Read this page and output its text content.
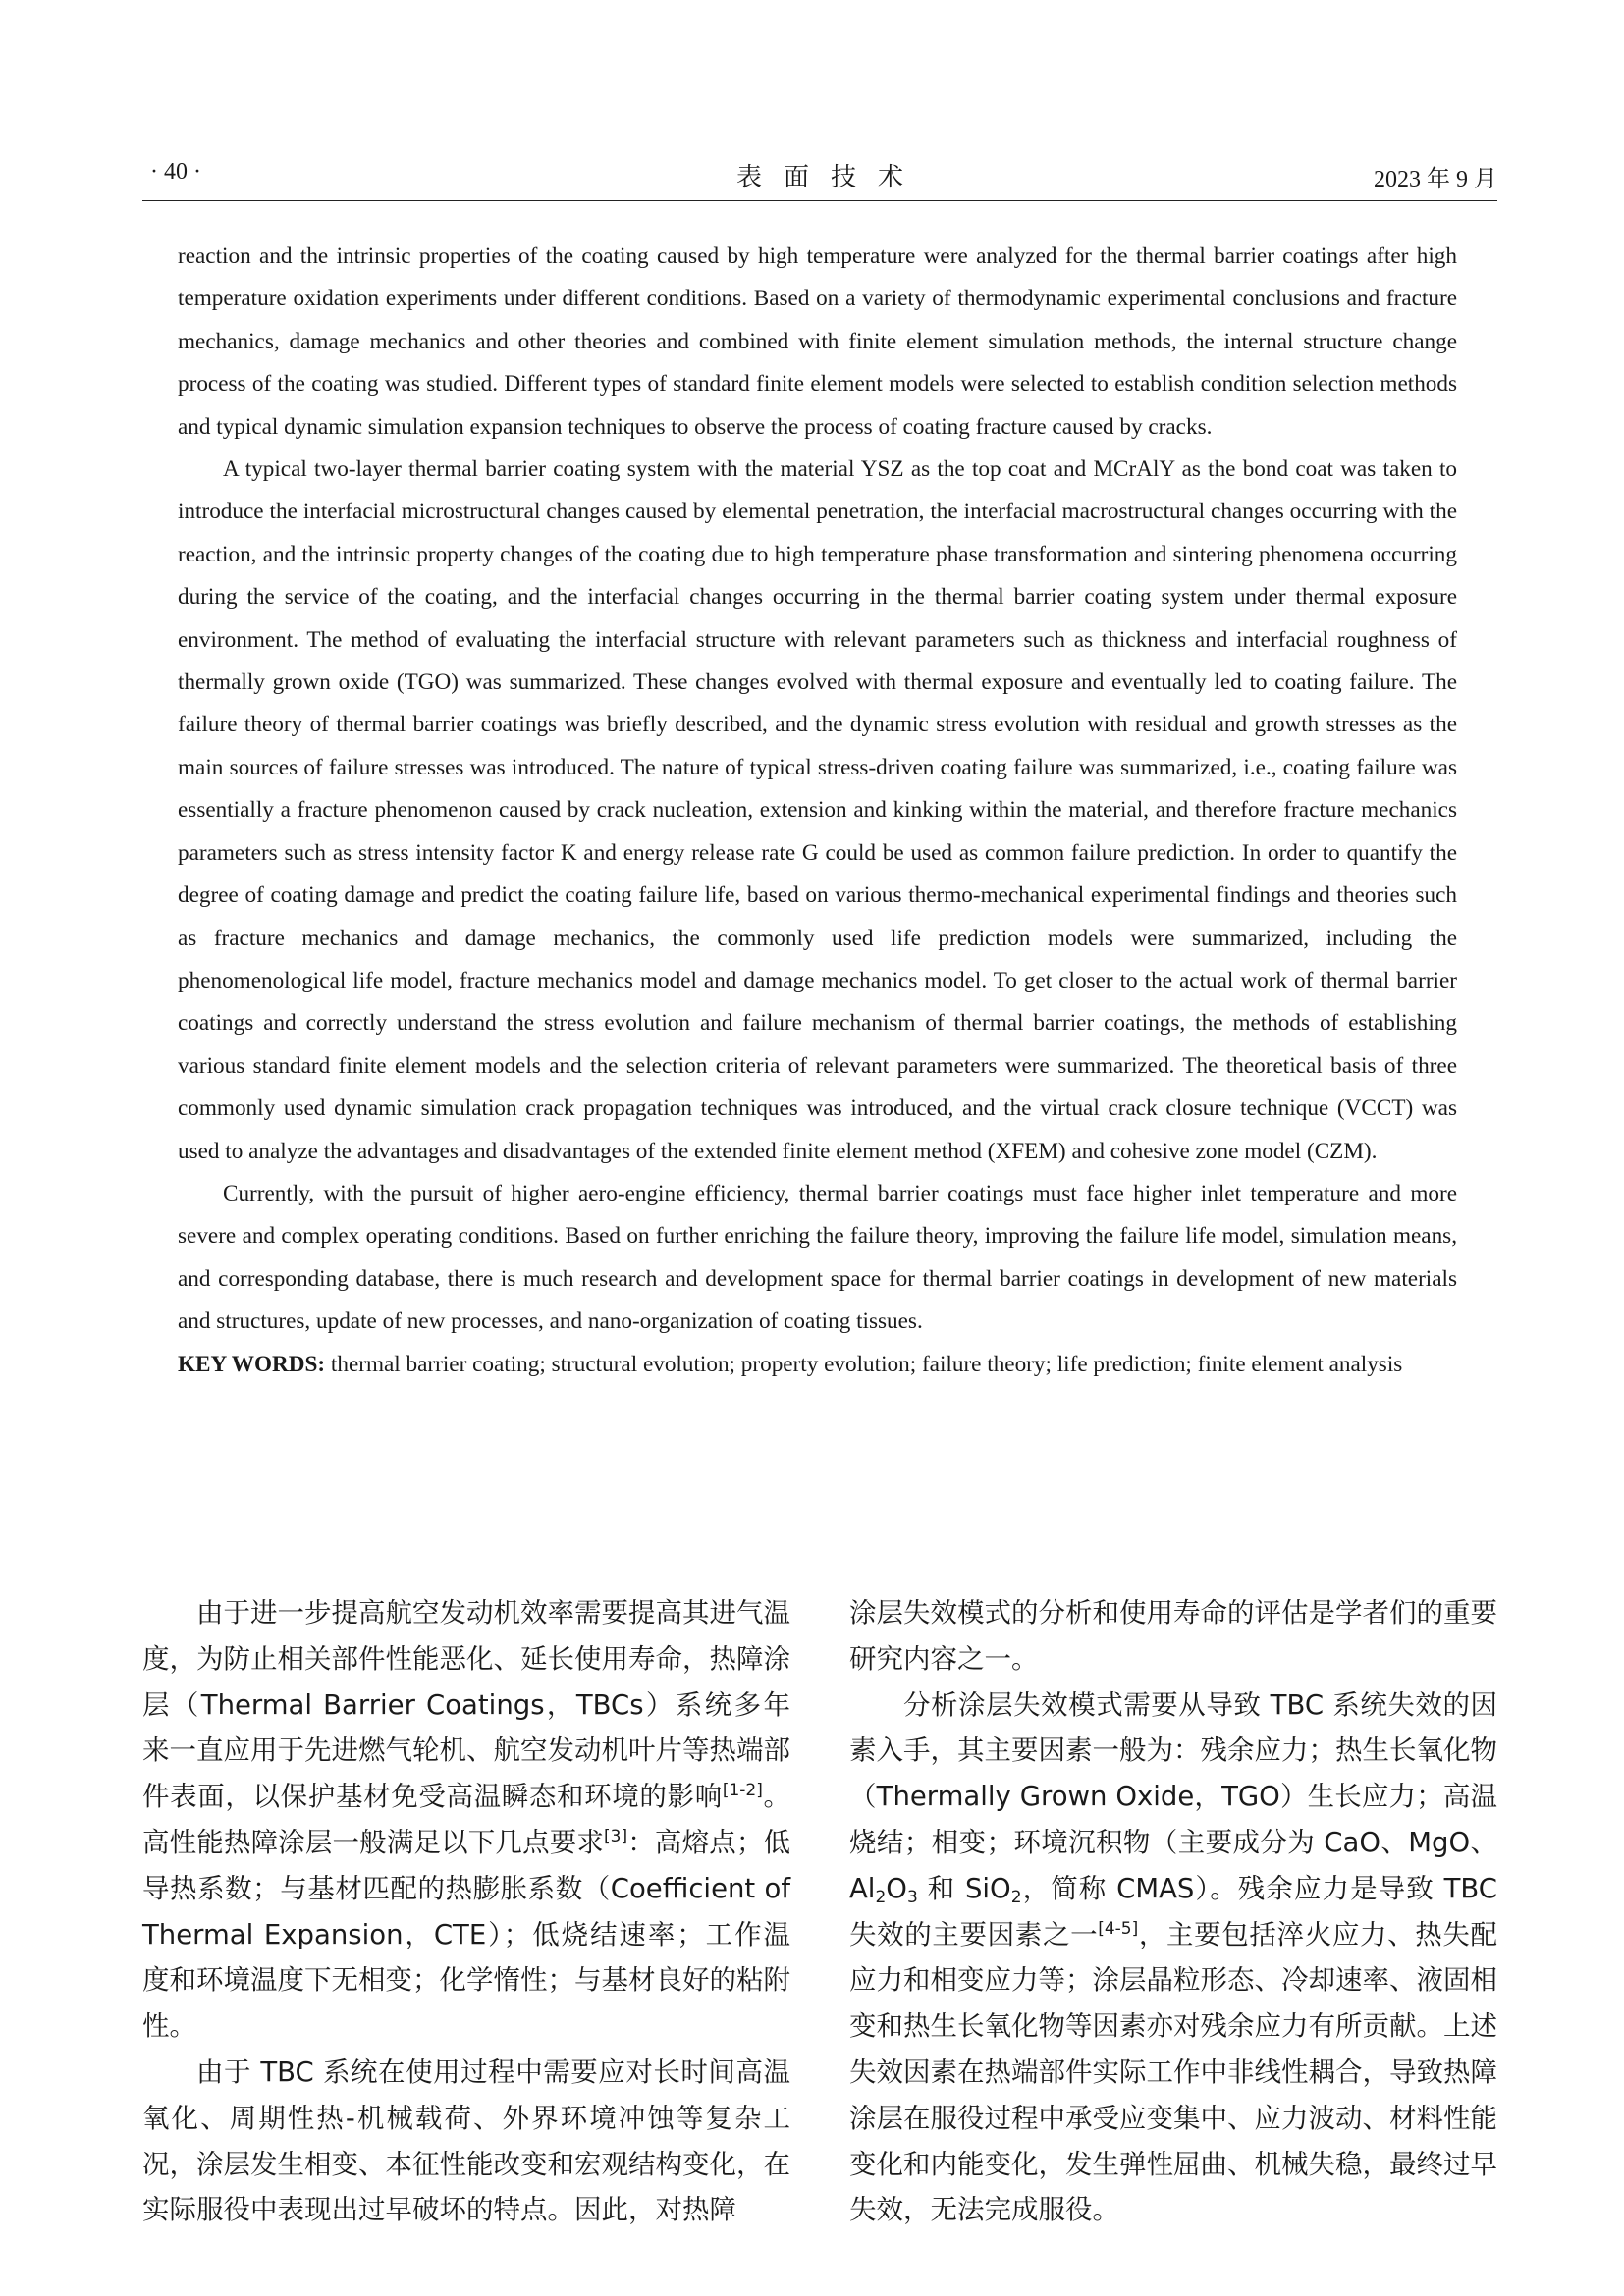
· 40 ·	表面技术	2023 年 9 月

reaction and the intrinsic properties of the coating caused by high temperature were analyzed for the thermal barrier coatings after high temperature oxidation experiments under different conditions. Based on a variety of thermodynamic experimental conclusions and fracture mechanics, damage mechanics and other theories and combined with finite element simulation methods, the internal structure change process of the coating was studied. Different types of standard finite element models were selected to establish condition selection methods and typical dynamic simulation expansion techniques to observe the process of coating fracture caused by cracks.

A typical two-layer thermal barrier coating system with the material YSZ as the top coat and MCrAlY as the bond coat was taken to introduce the interfacial microstructural changes caused by elemental penetration, the interfacial macrostructural changes occurring with the reaction, and the intrinsic property changes of the coating due to high temperature phase transformation and sintering phenomena occurring during the service of the coating, and the interfacial changes occurring in the thermal barrier coating system under thermal exposure environment. The method of evaluating the interfacial structure with relevant parameters such as thickness and interfacial roughness of thermally grown oxide (TGO) was summarized. These changes evolved with thermal exposure and eventually led to coating failure. The failure theory of thermal barrier coatings was briefly described, and the dynamic stress evolution with residual and growth stresses as the main sources of failure stresses was introduced. The nature of typical stress-driven coating failure was summarized, i.e., coating failure was essentially a fracture phenomenon caused by crack nucleation, extension and kinking within the material, and therefore fracture mechanics parameters such as stress intensity factor K and energy release rate G could be used as common failure prediction. In order to quantify the degree of coating damage and predict the coating failure life, based on various thermo-mechanical experimental findings and theories such as fracture mechanics and damage mechanics, the commonly used life prediction models were summarized, including the phenomenological life model, fracture mechanics model and damage mechanics model. To get closer to the actual work of thermal barrier coatings and correctly understand the stress evolution and failure mechanism of thermal barrier coatings, the methods of establishing various standard finite element models and the selection criteria of relevant parameters were summarized. The theoretical basis of three commonly used dynamic simulation crack propagation techniques was introduced, and the virtual crack closure technique (VCCT) was used to analyze the advantages and disadvantages of the extended finite element method (XFEM) and cohesive zone model (CZM).

Currently, with the pursuit of higher aero-engine efficiency, thermal barrier coatings must face higher inlet temperature and more severe and complex operating conditions. Based on further enriching the failure theory, improving the failure life model, simulation means, and corresponding database, there is much research and development space for thermal barrier coatings in development of new materials and structures, update of new processes, and nano-organization of coating tissues.

KEY WORDS: thermal barrier coating; structural evolution; property evolution; failure theory; life prediction; finite element analysis

由于进一步提高航空发动机效率需要提高其进气温度，为防止相关部件性能恶化、延长使用寿命，热障涂层（Thermal Barrier Coatings，TBCs）系统多年来一直应用于先进燃气轮机、航空发动机叶片等热端部件表面，以保护基材免受高温瞬态和环境的影响[1-2]。高性能热障涂层一般满足以下几点要求[3]：高熔点；低导热系数；与基材匹配的热膨胀系数（Coefficient of Thermal Expansion，CTE）；低烧结速率；工作温度和环境温度下无相变；化学惰性；与基材良好的粘附性。

由于 TBC 系统在使用过程中需要应对长时间高温氧化、周期性热-机械载荷、外界环境冲蚀等复杂工况，涂层发生相变、本征性能改变和宏观结构变化，在实际服役中表现出过早破坏的特点。因此，对热障

涂层失效模式的分析和使用寿命的评估是学者们的重要研究内容之一。

分析涂层失效模式需要从导致 TBC 系统失效的因素入手，其主要因素一般为：残余应力；热生长氧化物（Thermally Grown Oxide，TGO）生长应力；高温烧结；相变；环境沉积物（主要成分为 CaO、MgO、$Al_2O_3$ 和 SiO$_2$，简称 CMAS）。残余应力是导致 TBC 失效的主要因素之一[4-5]，主要包括淬火应力、热失配应力和相变应力等；涂层晶粒形态、冷却速率、液固相变和热生长氧化物等因素亦对残余应力有所贡献。上述失效因素在热端部件实际工作中非线性耦合，导致热障涂层在服役过程中承受应变集中、应力波动、材料性能变化和内能变化，发生弹性屈曲、机械失稳，最终过早失效，无法完成服役。
